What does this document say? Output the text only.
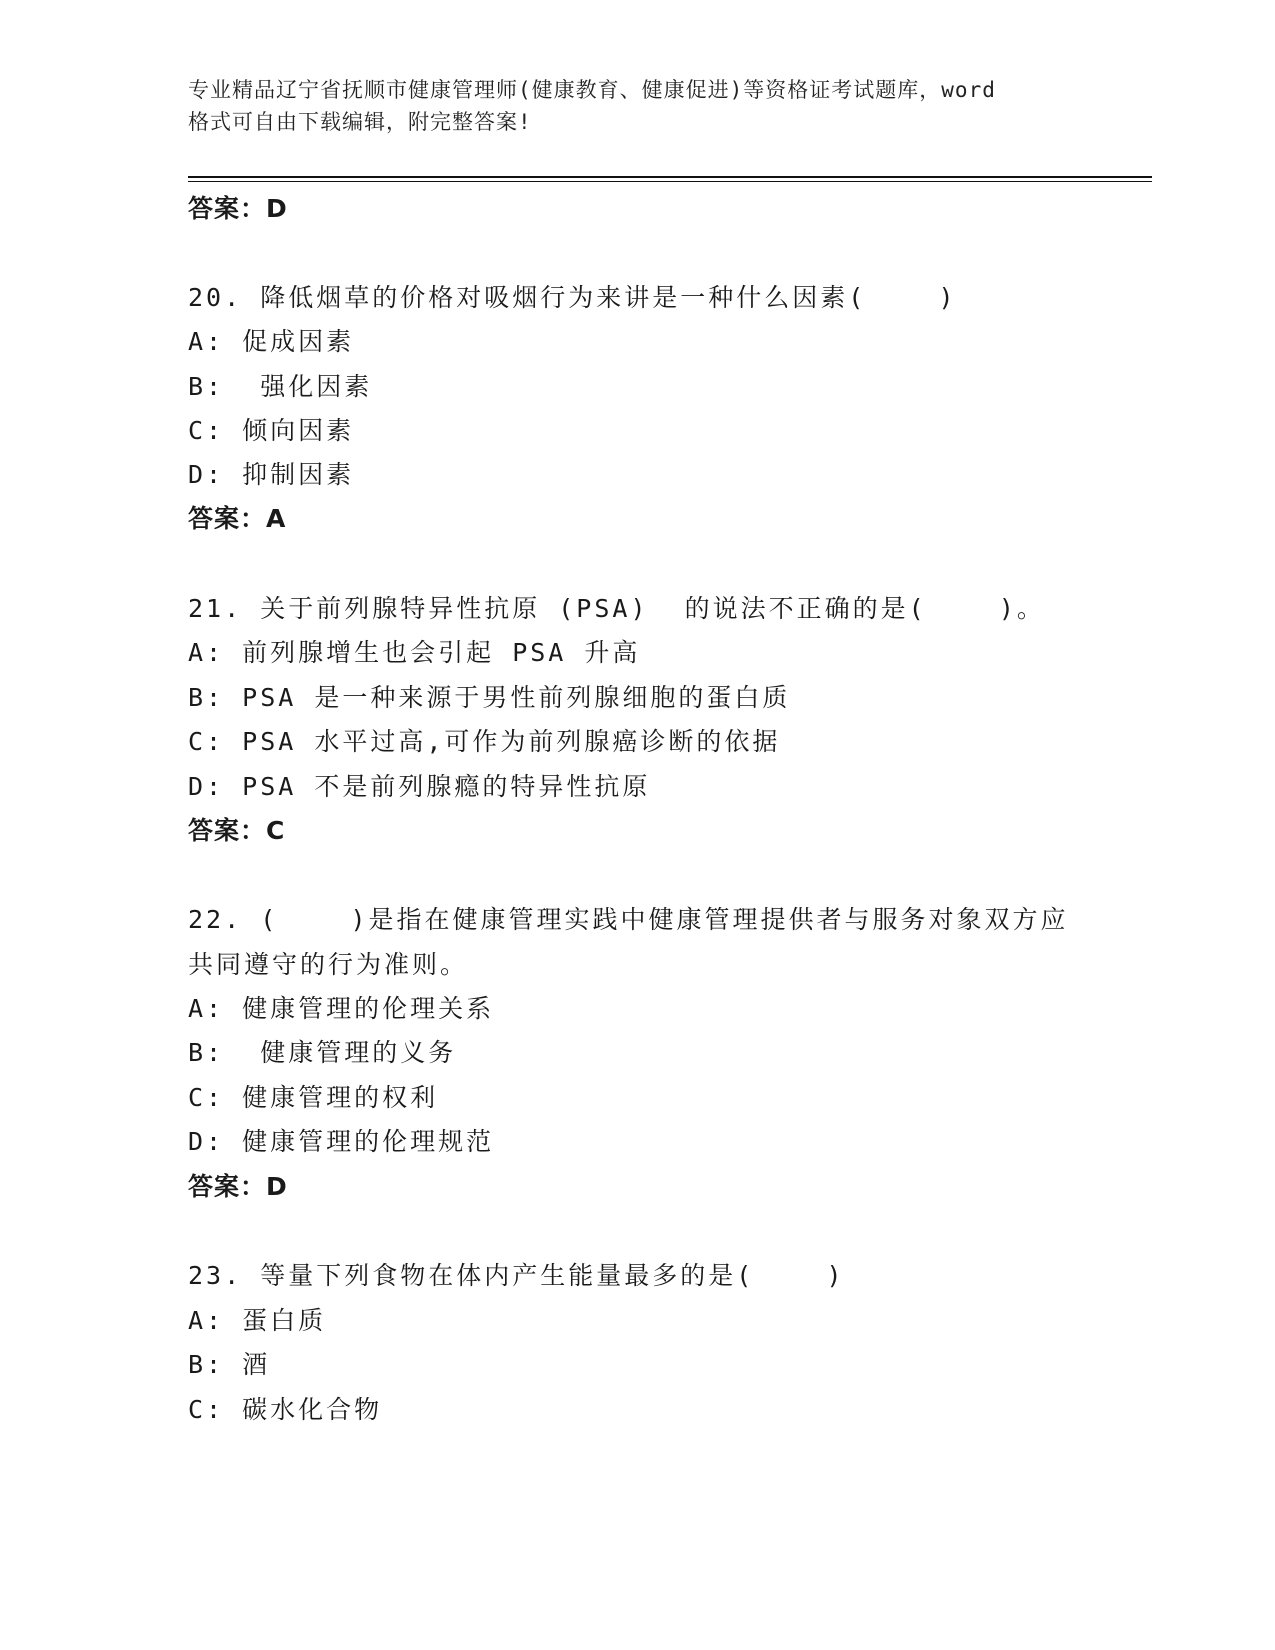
专业精品辽宁省抚顺市健康管理师(健康教育、健康促进)等资格证考试题库，word
格式可自由下载编辑，附完整答案!
答案：D
20. 降低烟草的价格对吸烟行为来讲是一种什么因素(    )
A: 促成因素
B:  强化因素
C: 倾向因素
D: 抑制因素
答案：A
21. 关于前列腺特异性抗原 (PSA)  的说法不正确的是(    )。
A: 前列腺增生也会引起 PSA 升高
B: PSA 是一种来源于男性前列腺细胞的蛋白质
C: PSA 水平过高,可作为前列腺癌诊断的依据
D: PSA 不是前列腺瘾的特异性抗原
答案：C
22. (    )是指在健康管理实践中健康管理提供者与服务对象双方应
共同遵守的行为准则。
A: 健康管理的伦理关系
B:  健康管理的义务
C: 健康管理的权利
D: 健康管理的伦理规范
答案：D
23. 等量下列食物在体内产生能量最多的是(    )
A: 蛋白质
B: 酒
C: 碳水化合物
